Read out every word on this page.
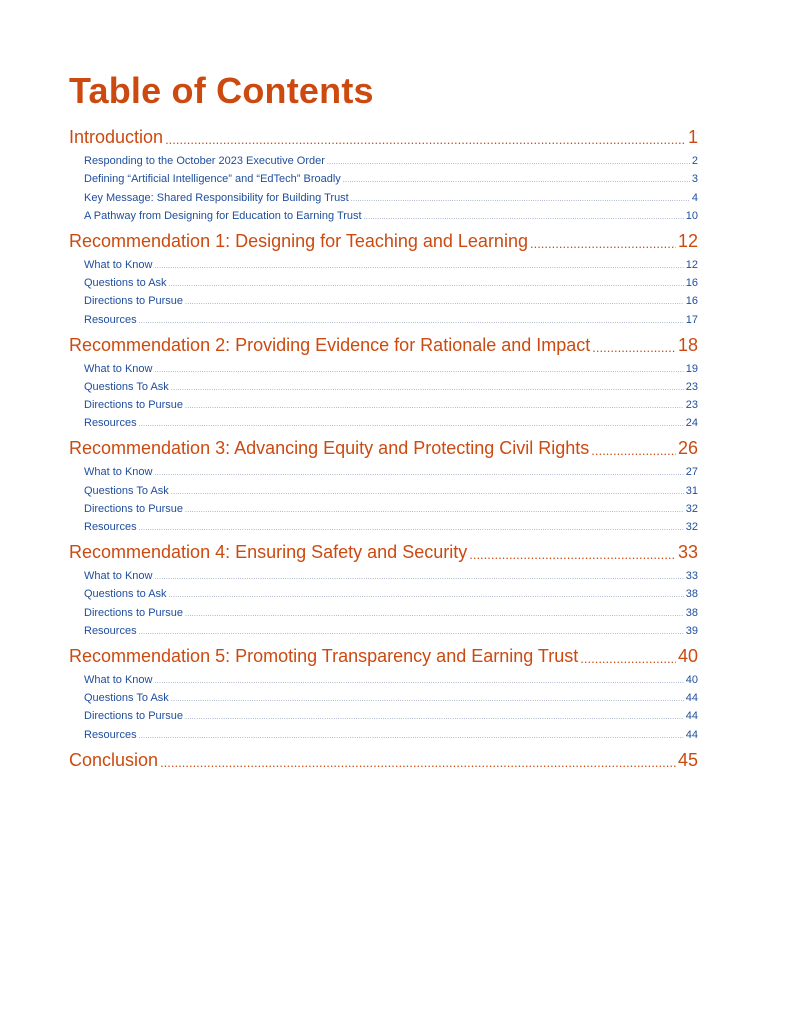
Table of Contents
Introduction .....	1
Responding to the October 2023 Executive Order .....	2
Defining “Artificial Intelligence” and “EdTech” Broadly .....	3
Key Message: Shared Responsibility for Building Trust .....	4
A Pathway from Designing for Education to Earning Trust .....	10
Recommendation 1: Designing for Teaching and Learning .....	12
What to Know .....	12
Questions to Ask .....	16
Directions to Pursue .....	16
Resources .....	17
Recommendation 2: Providing Evidence for Rationale and Impact .....	18
What to Know .....	19
Questions To Ask .....	23
Directions to Pursue .....	23
Resources .....	24
Recommendation 3: Advancing Equity and Protecting Civil Rights .....	26
What to Know .....	27
Questions To Ask .....	31
Directions to Pursue .....	32
Resources .....	32
Recommendation 4: Ensuring Safety and Security .....	33
What to Know .....	33
Questions to Ask .....	38
Directions to Pursue .....	38
Resources .....	39
Recommendation 5: Promoting Transparency and Earning Trust .....	40
What to Know .....	40
Questions To Ask .....	44
Directions to Pursue .....	44
Resources .....	44
Conclusion .....	45
